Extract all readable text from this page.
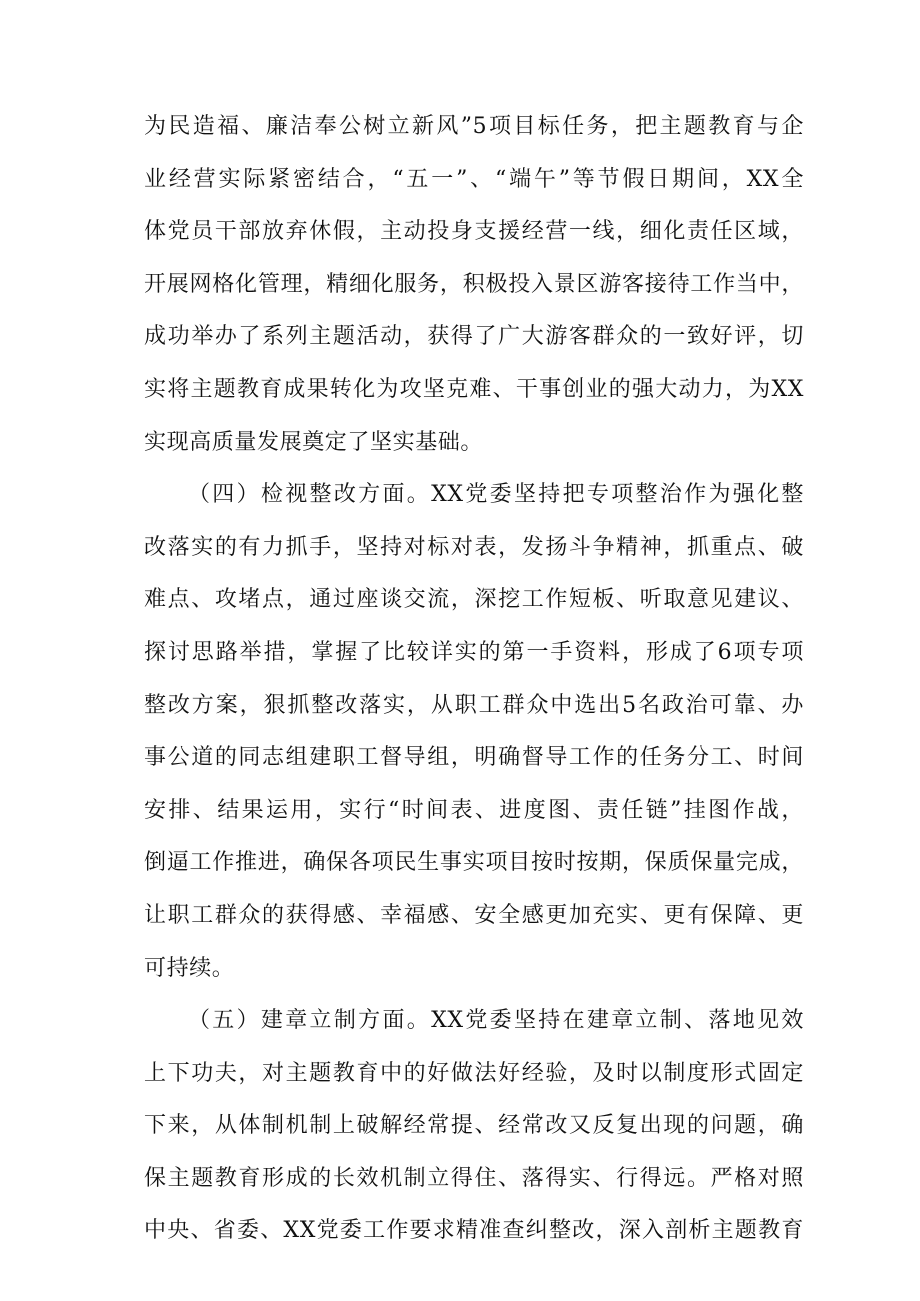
为民造福、廉洁奉公树立新风”5项目标任务，把主题教育与企
业经营实际紧密结合，“五一”、“端午”等节假日期间，XX全
体党员干部放弃休假，主动投身支援经营一线，细化责任区域，
开展网格化管理，精细化服务，积极投入景区游客接待工作当中，
成功举办了系列主题活动，获得了广大游客群众的一致好评，切
实将主题教育成果转化为攻坚克难、干事创业的强大动力，为XX
实现高质量发展奠定了坚实基础。
（四）检视整改方面。XX党委坚持把专项整治作为强化整
改落实的有力抓手，坚持对标对表，发扬斗争精神，抓重点、破
难点、攻堵点，通过座谈交流，深挖工作短板、听取意见建议、
探讨思路举措，掌握了比较详实的第一手资料，形成了6项专项
整改方案，狠抓整改落实，从职工群众中选出5名政治可靠、办
事公道的同志组建职工督导组，明确督导工作的任务分工、时间
安排、结果运用，实行“时间表、进度图、责任链”挂图作战，
倒逼工作推进，确保各项民生事实项目按时按期，保质保量完成，
让职工群众的获得感、幸福感、安全感更加充实、更有保障、更
可持续。
（五）建章立制方面。XX党委坚持在建章立制、落地见效
上下功夫，对主题教育中的好做法好经验，及时以制度形式固定
下来，从体制机制上破解经常提、经常改又反复出现的问题，确
保主题教育形成的长效机制立得住、落得实、行得远。严格对照
中央、省委、XX党委工作要求精准查纠整改，深入剖析主题教育
